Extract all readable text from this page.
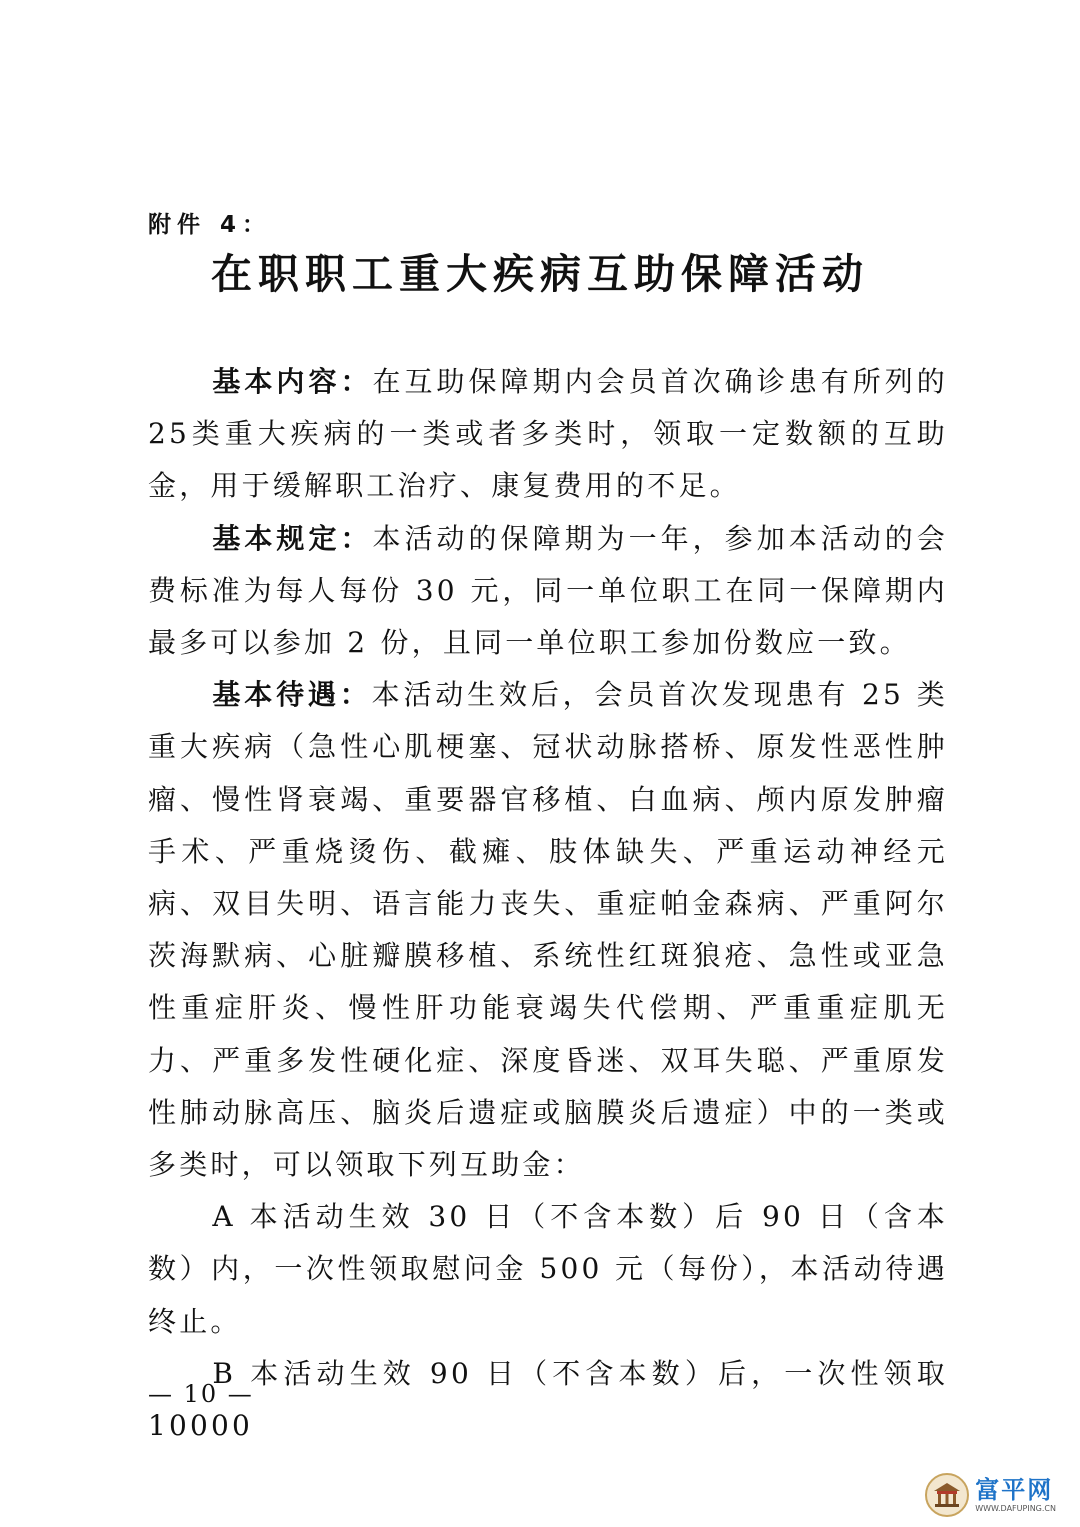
附件 4：
在职职工重大疾病互助保障活动

基本内容：在互助保障期内会员首次确诊患有所列的25类重大疾病的一类或者多类时，领取一定数额的互助金，用于缓解职工治疗、康复费用的不足。

基本规定：本活动的保障期为一年，参加本活动的会费标准为每人每份 30 元，同一单位职工在同一保障期内最多可以参加 2 份，且同一单位职工参加份数应一致。

基本待遇：本活动生效后，会员首次发现患有 25 类重大疾病（急性心肌梗塞、冠状动脉搭桥、原发性恶性肿瘤、慢性肾衰竭、重要器官移植、白血病、颅内原发肿瘤手术、严重烧烫伤、截瘫、肢体缺失、严重运动神经元病、双目失明、语言能力丧失、重症帕金森病、严重阿尔茨海默病、心脏瓣膜移植、系统性红斑狼疮、急性或亚急性重症肝炎、慢性肝功能衰竭失代偿期、严重重症肌无力、严重多发性硬化症、深度昏迷、双耳失聪、严重原发性肺动脉高压、脑炎后遗症或脑膜炎后遗症）中的一类或多类时，可以领取下列互助金：

A 本活动生效 30 日（不含本数）后 90 日（含本数）内，一次性领取慰问金 500 元（每份），本活动待遇终止。

B 本活动生效 90 日（不含本数）后，一次性领取 10000

— 10 —
富平网
WWW.DAFUPING.CN
